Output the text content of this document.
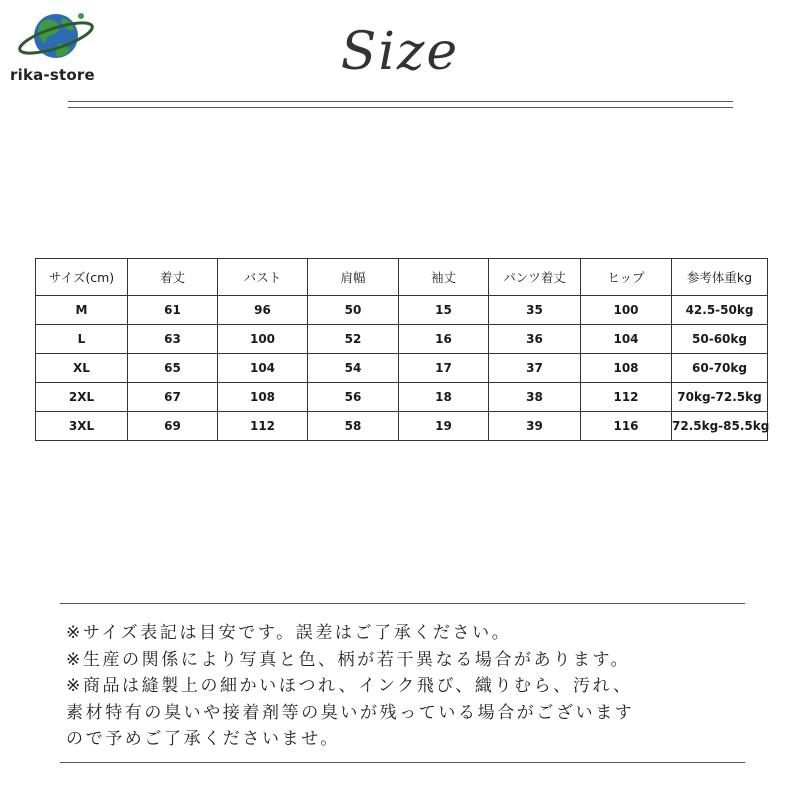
rika-store	Size
サイズ(cm)	着丈	バスト	肩幅	袖丈	パンツ着丈	ヒップ	参考体重kg
M	61	96	50	15	35	100	42.5-50kg
L	63	100	52	16	36	104	50-60kg
XL	65	104	54	17	37	108	60-70kg
2XL	67	108	56	18	38	112	70kg-72.5kg
3XL	69	112	58	19	39	116	72.5kg-85.5kg
※サイズ表記は目安です。誤差はご了承ください。
※生産の関係により写真と色、柄が若干異なる場合があります。
※商品は縫製上の細かいほつれ、インク飛び、織りむら、汚れ、
素材特有の臭いや接着剤等の臭いが残っている場合がございます
ので予めご了承くださいませ。
